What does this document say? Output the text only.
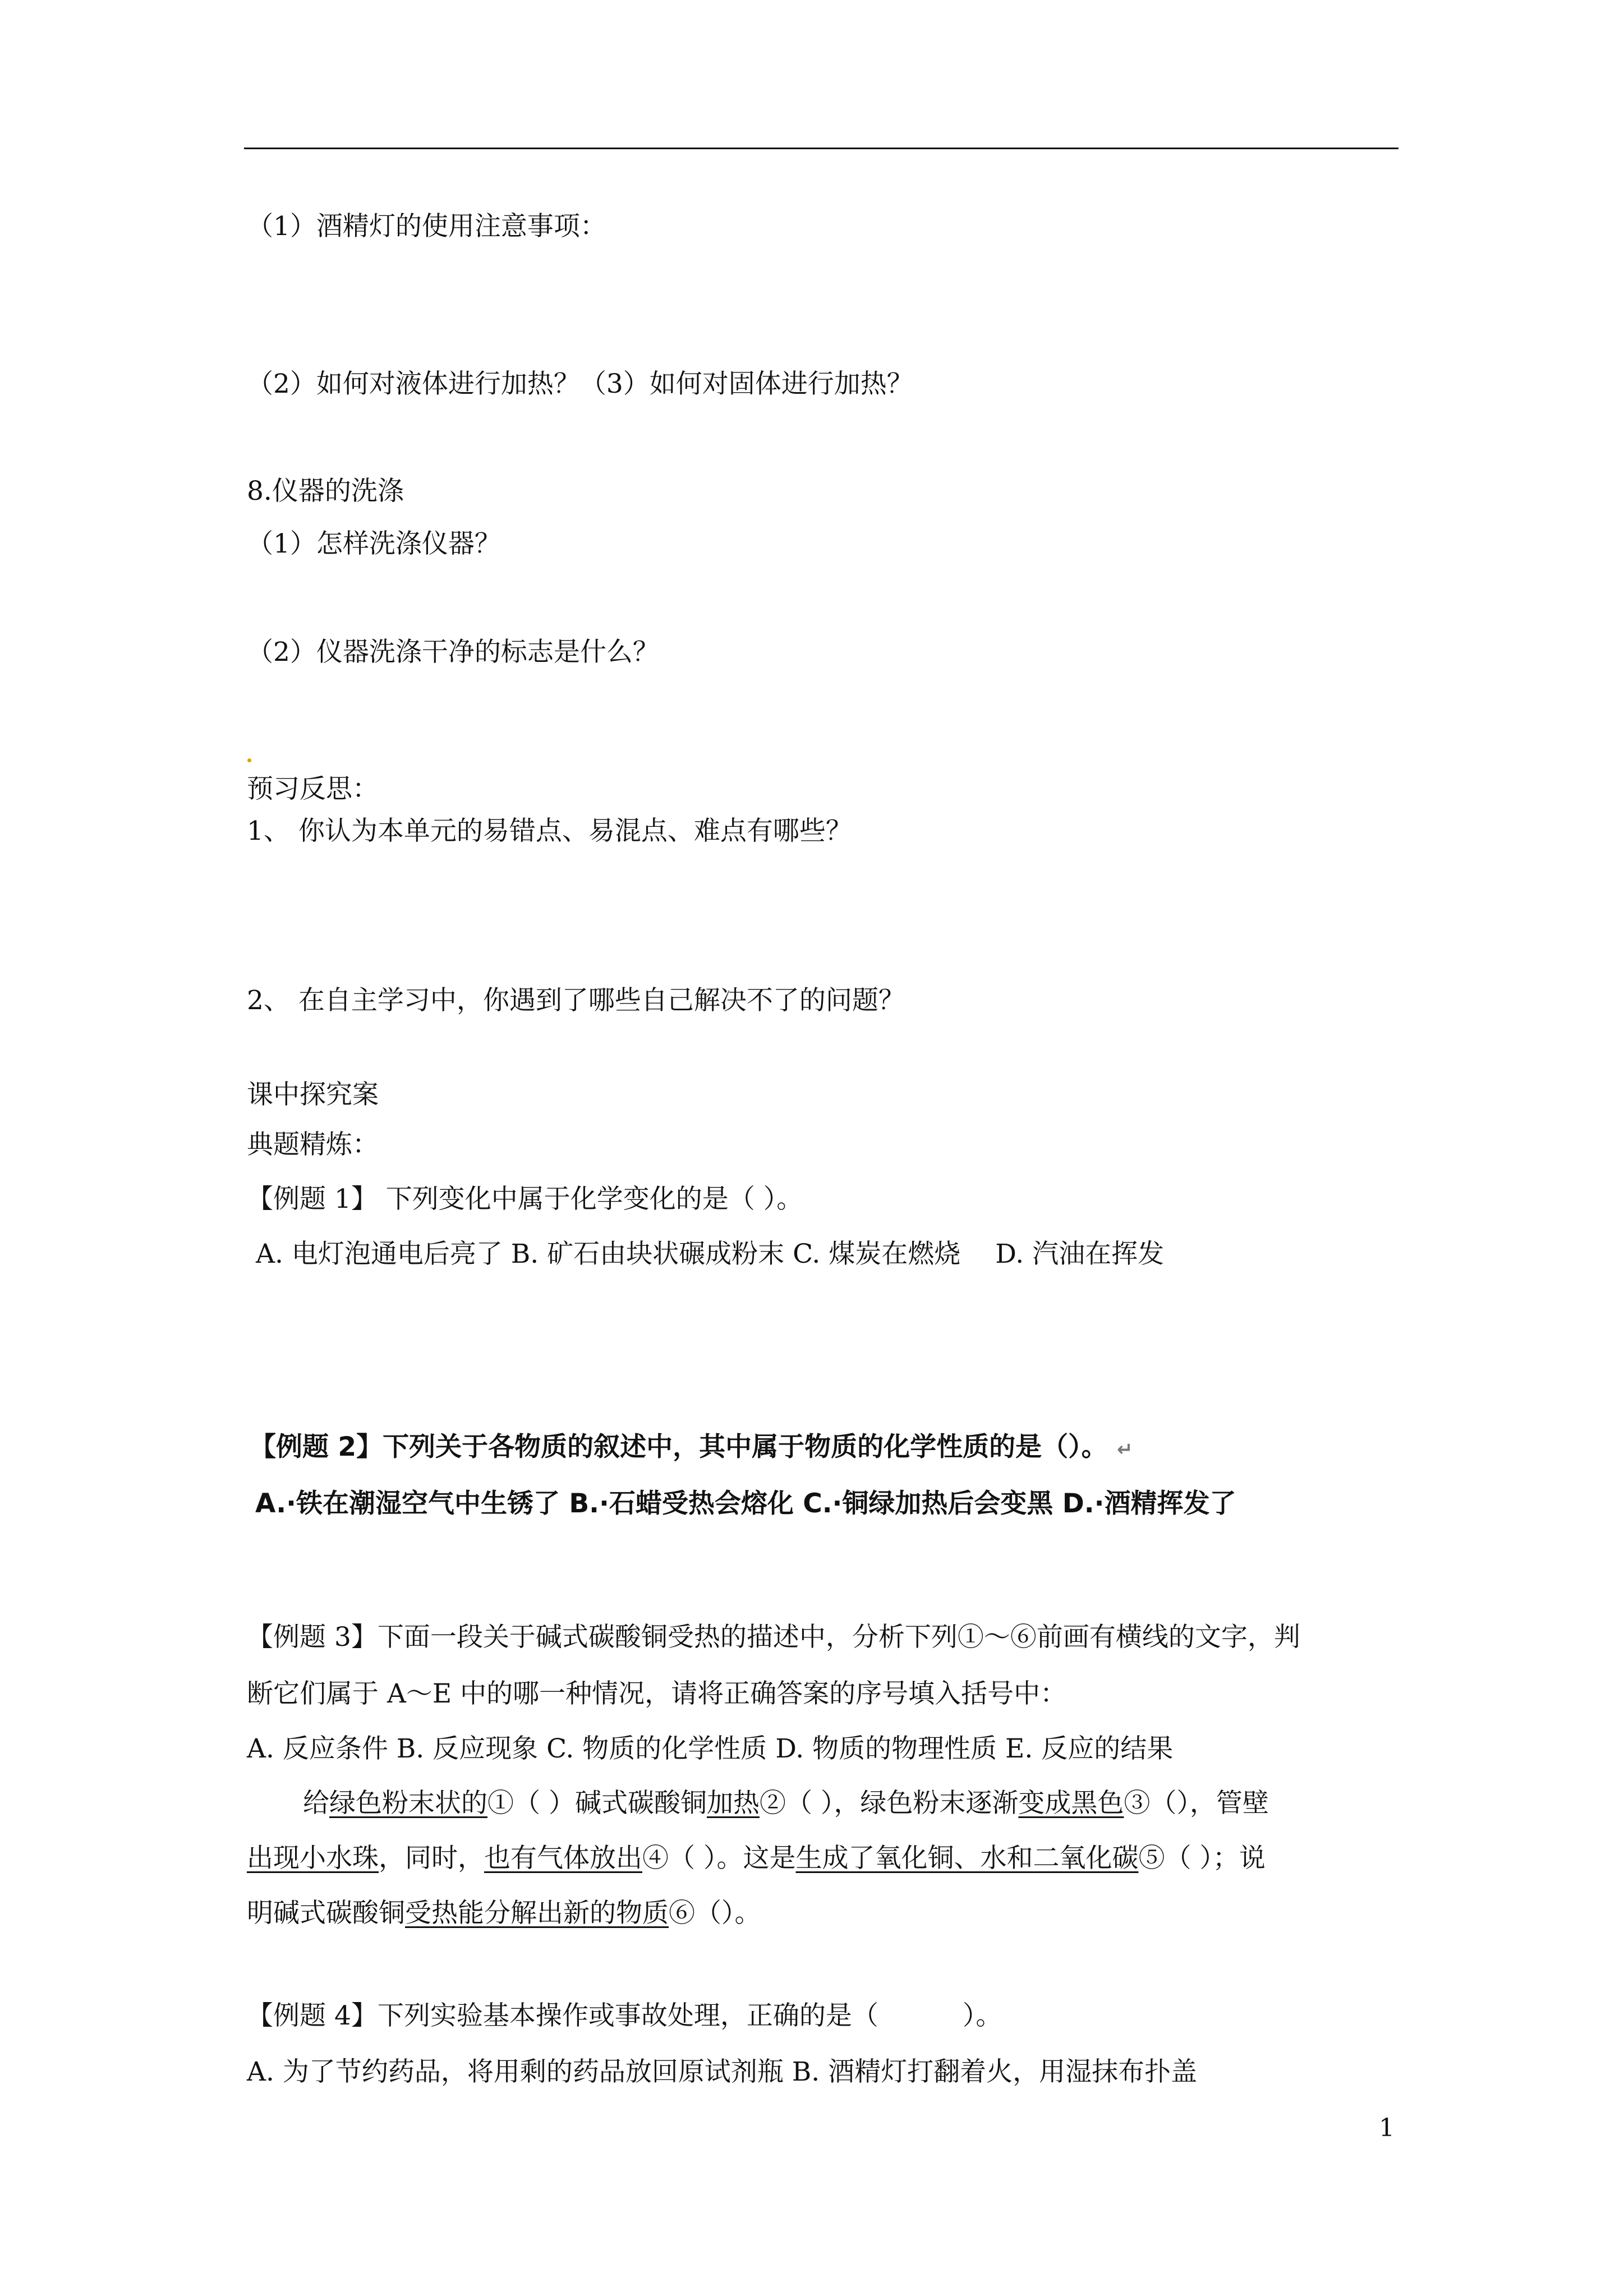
（1）酒精灯的使用注意事项：
（2）如何对液体进行加热？（3）如何对固体进行加热？
8.仪器的洗涤
（1）怎样洗涤仪器？
（2）仪器洗涤干净的标志是什么？
预习反思：
1、 你认为本单元的易错点、易混点、难点有哪些？
2、 在自主学习中，你遇到了哪些自己解决不了的问题？
课中探究案
典题精炼：
【例题 1】 下列变化中属于化学变化的是（ ）。
A. 电灯泡通电后亮了 B. 矿石由块状碾成粉末 C. 煤炭在燃烧　 D. 汽油在挥发
【例题 2】下列关于各物质的叙述中，其中属于物质的化学性质的是（）。 ↵
A.·铁在潮湿空气中生锈了 B.·石蜡受热会熔化 C.·铜绿加热后会变黑 D.·酒精挥发了
【例题 3】下面一段关于碱式碳酸铜受热的描述中，分析下列①～⑥前画有横线的文字，判
断它们属于 A～E 中的哪一种情况，请将正确答案的序号填入括号中：
A. 反应条件 B. 反应现象 C. 物质的化学性质 D. 物质的物理性质 E. 反应的结果
给绿色粉末状的①（ ）碱式碳酸铜加热②（ ），绿色粉末逐渐变成黑色③（），管壁
出现小水珠，同时，也有气体放出④（ ）。这是生成了氧化铜、水和二氧化碳⑤（ ）；说
明碱式碳酸铜受热能分解出新的物质⑥（）。
【例题 4】下列实验基本操作或事故处理，正确的是（	）。
A. 为了节约药品，将用剩的药品放回原试剂瓶 B. 酒精灯打翻着火，用湿抹布扑盖
1
